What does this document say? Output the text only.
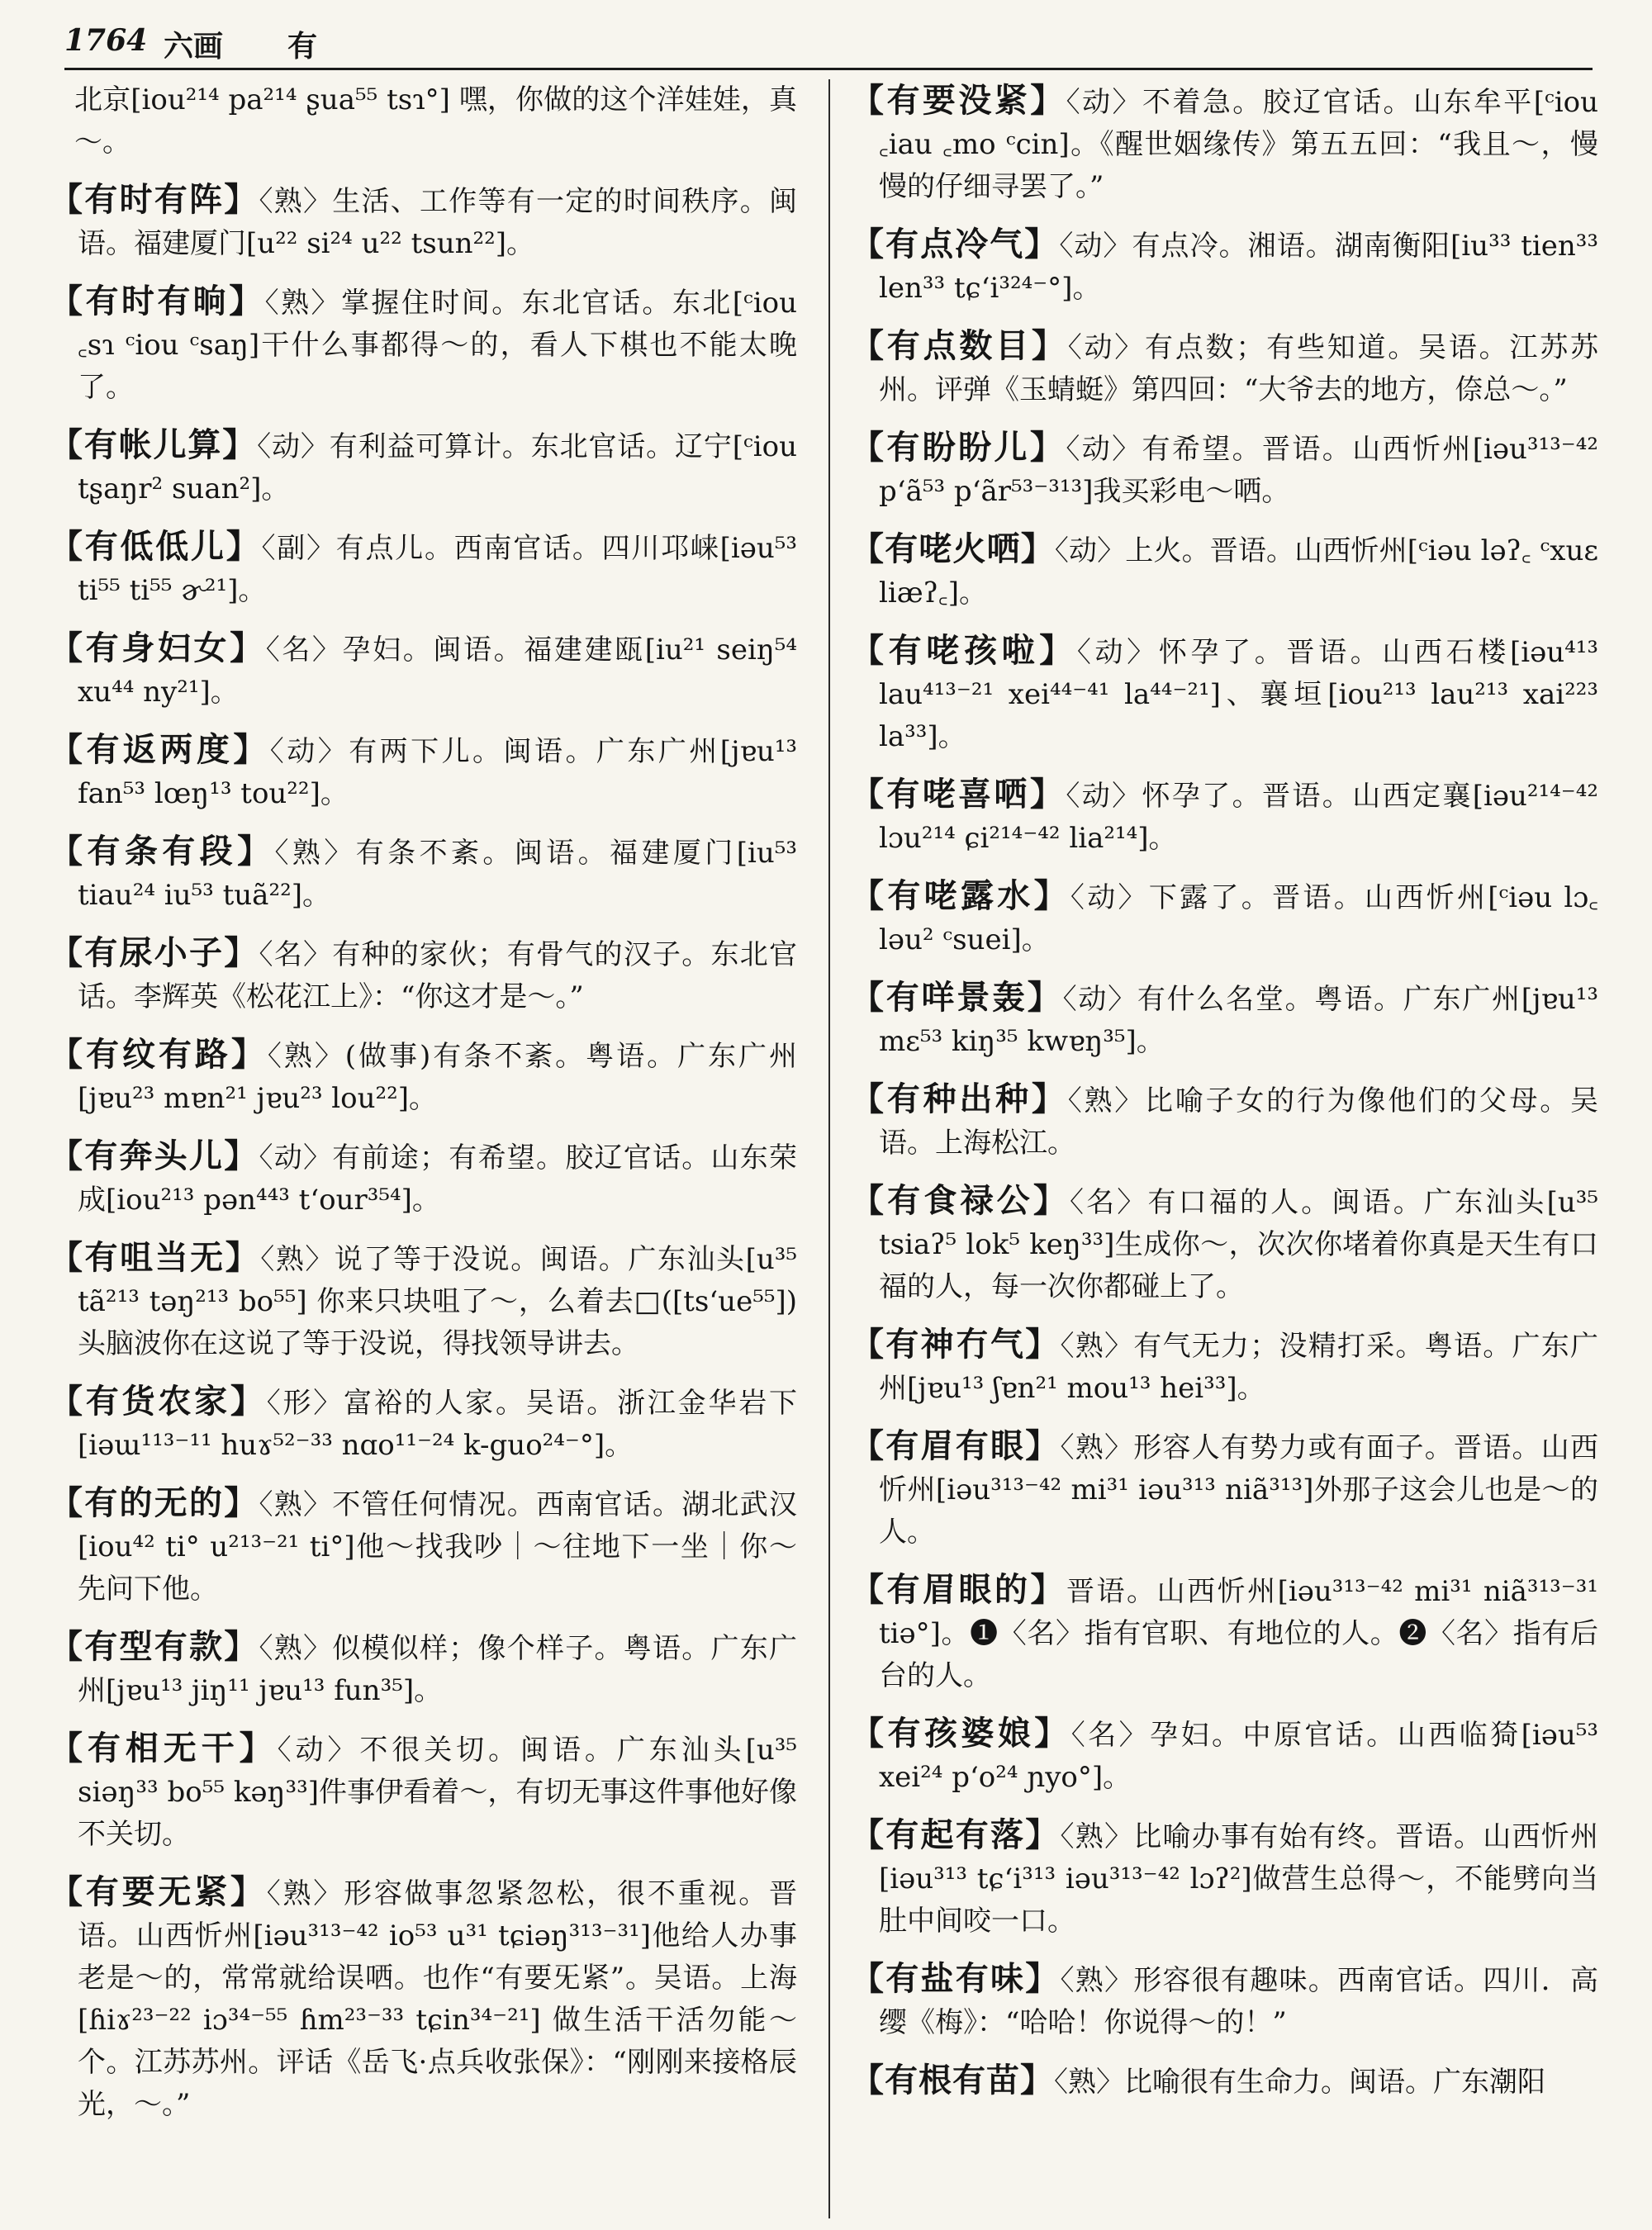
1764 六画 有

北京[iou²¹⁴ pa²¹⁴ ʂua⁵⁵ tsɿ°] 嘿，你做的这个洋娃娃，真～。

【有时有阵】〈熟〉生活、工作等有一定的时间秩序。闽语。福建厦门[u²² si²⁴ u²² tsun²²]。

【有时有晌】〈熟〉掌握住时间。东北官话。东北[ᶜiou ꜀sɿ ᶜiou ᶜsaŋ]干什么事都得～的，看人下棋也不能太晚了。

【有帐儿算】〈动〉有利益可算计。东北官话。辽宁[ᶜiou tʂaŋr² suan²]。

【有低低儿】〈副〉有点儿。西南官话。四川邛崃[iəu⁵³ ti⁵⁵ ti⁵⁵ ɚ²¹]。

【有身妇女】〈名〉孕妇。闽语。福建建瓯[iu²¹ seiŋ⁵⁴ xu⁴⁴ ny²¹]。

【有返两度】〈动〉有两下儿。闽语。广东广州[jɐu¹³ fan⁵³ lœŋ¹³ tou²²]。

【有条有段】〈熟〉有条不紊。闽语。福建厦门[iu⁵³ tiau²⁴ iu⁵³ tuã²²]。

【有尿小子】〈名〉有种的家伙；有骨气的汉子。东北官话。李辉英《松花江上》：“你这才是～。”

【有纹有路】〈熟〉(做事)有条不紊。粤语。广东广州[jɐu²³ mɐn²¹ jɐu²³ lou²²]。

【有奔头儿】〈动〉有前途；有希望。胶辽官话。山东荣成[iou²¹³ pən⁴⁴³ t‘our³⁵⁴]。

【有咀当无】〈熟〉说了等于没说。闽语。广东汕头[u³⁵ tã²¹³ təŋ²¹³ bo⁵⁵] 你来只块咀了～，么着去□([ts‘ue⁵⁵])头脑波你在这说了等于没说，得找领导讲去。

【有货农家】〈形〉富裕的人家。吴语。浙江金华岩下[iəɯ¹¹³⁻¹¹ huɤ⁵²⁻³³ nɑo¹¹⁻²⁴ k-guo²⁴⁻°]。

【有的无的】〈熟〉不管任何情况。西南官话。湖北武汉[iou⁴² ti° u²¹³⁻²¹ ti°]他～找我吵｜～往地下一坐｜你～先问下他。

【有型有款】〈熟〉似模似样；像个样子。粤语。广东广州[jɐu¹³ jiŋ¹¹ jɐu¹³ fun³⁵]。

【有相无干】〈动〉不很关切。闽语。广东汕头[u³⁵ siəŋ³³ bo⁵⁵ kəŋ³³]件事伊看着～，有切无事这件事他好像不关切。

【有要无紧】〈熟〉形容做事忽紧忽松，很不重视。晋语。山西忻州[iəu³¹³⁻⁴² io⁵³ u³¹ tɕiəŋ³¹³⁻³¹]他给人办事老是～的，常常就给误哂。也作“有要旡紧”。吴语。上海[ɦiɤ²³⁻²² iɔ³⁴⁻⁵⁵ ɦm²³⁻³³ tɕin³⁴⁻²¹] 做生活干活勿能～个。江苏苏州。评话《岳飞·点兵收张保》：“刚刚来接格辰光，～。”

【有要没紧】〈动〉不着急。胶辽官话。山东牟平[ᶜiou ꜀iau ꜀mo ᶜcin]。《醒世姻缘传》第五五回：“我且～，慢慢的仔细寻罢了。”

【有点冷气】〈动〉有点冷。湘语。湖南衡阳[iu³³ tien³³ len³³ tɕ‘i³²⁴⁻°]。

【有点数目】〈动〉有点数；有些知道。吴语。江苏苏州。评弹《玉蜻蜓》第四回：“大爷去的地方，倷总～。”

【有盼盼儿】〈动〉有希望。晋语。山西忻州[iəu³¹³⁻⁴² p‘ã⁵³ p‘ãr⁵³⁻³¹³]我买彩电～哂。

【有咾火哂】〈动〉上火。晋语。山西忻州[ᶜiəu ləʔ꜀ ᶜxuɛ liæʔ꜀]。

【有咾孩啦】〈动〉怀孕了。晋语。山西石楼[iəu⁴¹³ lau⁴¹³⁻²¹ xei⁴⁴⁻⁴¹ la⁴⁴⁻²¹]、襄垣[iou²¹³ lau²¹³ xai²²³ la³³]。

【有咾喜哂】〈动〉怀孕了。晋语。山西定襄[iəu²¹⁴⁻⁴² lɔu²¹⁴ ɕi²¹⁴⁻⁴² lia²¹⁴]。

【有咾露水】〈动〉下露了。晋语。山西忻州[ᶜiəu lɔ꜀ ləu² ᶜsuei]。

【有咩景轰】〈动〉有什么名堂。粤语。广东广州[jɐu¹³ mɛ⁵³ kiŋ³⁵ kwɐŋ³⁵]。

【有种出种】〈熟〉比喻子女的行为像他们的父母。吴语。上海松江。

【有食禄公】〈名〉有口福的人。闽语。广东汕头[u³⁵ tsiaʔ⁵ lok⁵ keŋ³³]生成你～，次次你堵着你真是天生有口福的人，每一次你都碰上了。

【有神冇气】〈熟〉有气无力；没精打采。粤语。广东广州[jɐu¹³ ʃɐn²¹ mou¹³ hei³³]。

【有眉有眼】〈熟〉形容人有势力或有面子。晋语。山西忻州[iəu³¹³⁻⁴² mi³¹ iəu³¹³ niã³¹³]外那子这会儿也是～的人。

【有眉眼的】晋语。山西忻州[iəu³¹³⁻⁴² mi³¹ niã³¹³⁻³¹ tiə°]。❶〈名〉指有官职、有地位的人。❷〈名〉指有后台的人。

【有孩婆娘】〈名〉孕妇。中原官话。山西临猗[iəu⁵³ xei²⁴ p‘o²⁴ ɲyo°]。

【有起有落】〈熟〉比喻办事有始有终。晋语。山西忻州[iəu³¹³ tɕ‘i³¹³ iəu³¹³⁻⁴² lɔʔ²]做营生总得～，不能劈向当肚中间咬一口。

【有盐有味】〈熟〉形容很有趣味。西南官话。四川．高缨《梅》：“哈哈！你说得～的！”

【有根有苗】〈熟〉比喻很有生命力。闽语。广东潮阳
